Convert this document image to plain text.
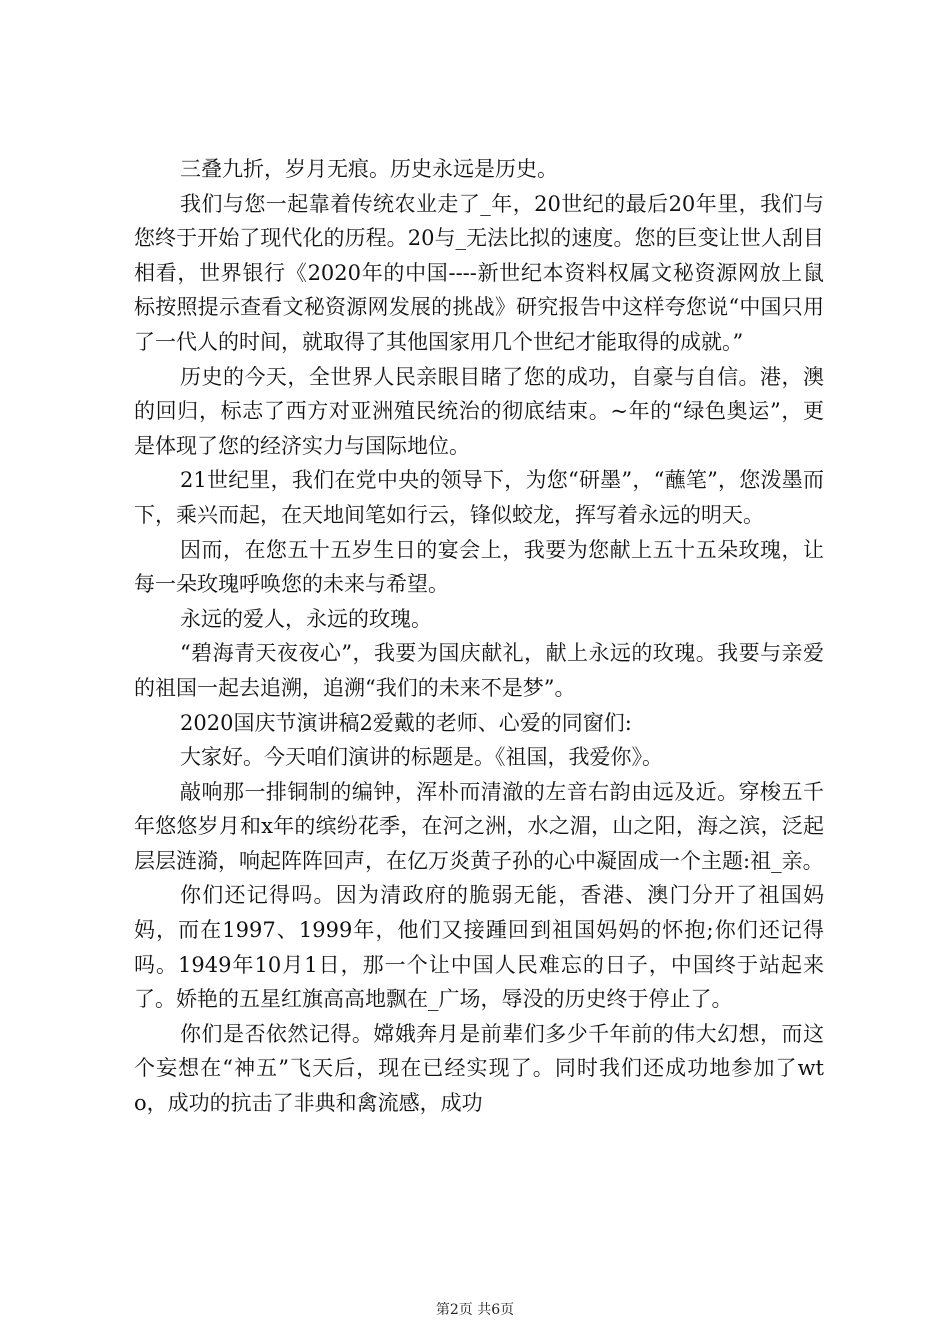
三叠九折，岁月无痕。历史永远是历史。

我们与您一起靠着传统农业走了_年，20世纪的最后20年里，我们与您终于开始了现代化的历程。20与_无法比拟的速度。您的巨变让世人刮目相看，世界银行《2020年的中国----新世纪本资料权属文秘资源网放上鼠标按照提示查看文秘资源网发展的挑战》研究报告中这样夸您说“中国只用了一代人的时间，就取得了其他国家用几个世纪才能取得的成就。”

历史的今天，全世界人民亲眼目睹了您的成功，自豪与自信。港，澳的回归，标志了西方对亚洲殖民统治的彻底结束。~年的“绿色奥运”，更是体现了您的经济实力与国际地位。

21世纪里，我们在党中央的领导下，为您“研墨”，“蘸笔”，您泼墨而下，乘兴而起，在天地间笔如行云，锋似蛟龙，挥写着永远的明天。

因而，在您五十五岁生日的宴会上，我要为您献上五十五朵玫瑰，让每一朵玫瑰呼唤您的未来与希望。

永远的爱人，永远的玫瑰。

“碧海青天夜夜心”，我要为国庆献礼，献上永远的玫瑰。我要与亲爱的祖国一起去追溯，追溯“我们的未来不是梦”。

2020国庆节演讲稿2爱戴的老师、心爱的同窗们:

大家好。今天咱们演讲的标题是。《祖国，我爱你》。

敲响那一排铜制的编钟，浑朴而清澈的左音右韵由远及近。穿梭五千年悠悠岁月和x年的缤纷花季，在河之洲，水之湄，山之阳，海之滨，泛起层层涟漪，响起阵阵回声，在亿万炎黄子孙的心中凝固成一个主题:祖_亲。

你们还记得吗。因为清政府的脆弱无能，香港、澳门分开了祖国妈妈，而在1997、1999年，他们又接踵回到祖国妈妈的怀抱;你们还记得吗。1949年10月1日，那一个让中国人民难忘的日子，中国终于站起来了。娇艳的五星红旗高高地飘在_广场，辱没的历史终于停止了。

你们是否依然记得。嫦娥奔月是前辈们多少千年前的伟大幻想，而这个妄想在“神五”飞天后，现在已经实现了。同时我们还成功地参加了wto，成功的抗击了非典和禽流感，成功

第2页 共6页
